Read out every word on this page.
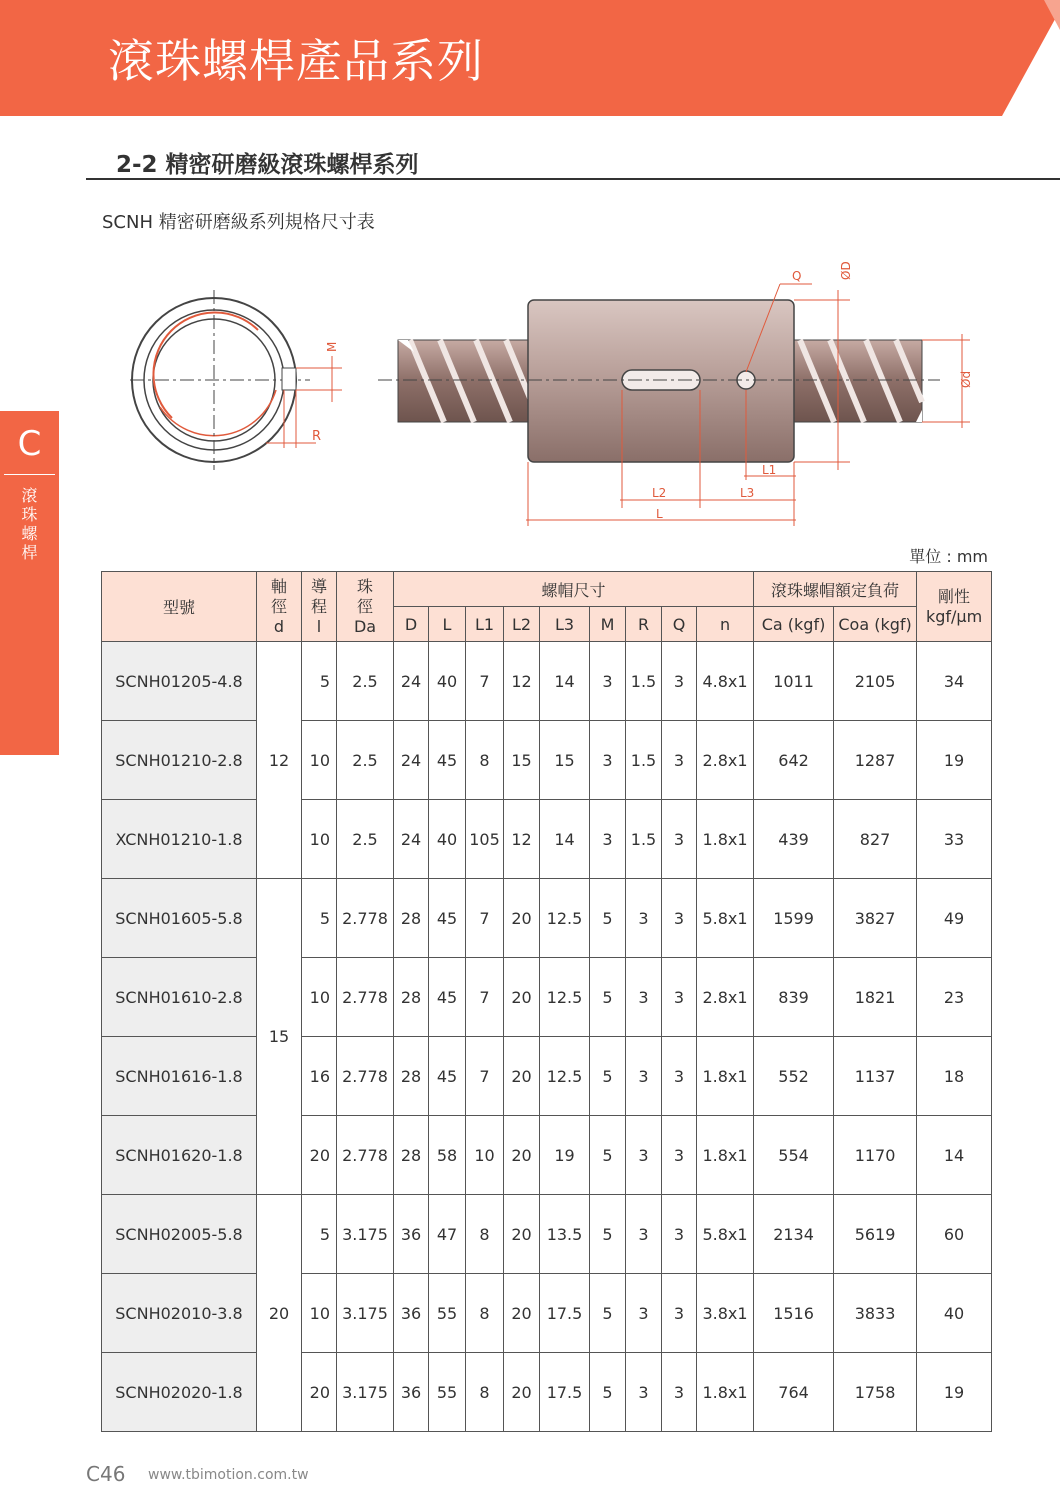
滾珠螺桿產品系列
2-2 精密研磨級滾珠螺桿系列
SCNH 精密研磨級系列規格尺寸表
C
滾
珠
螺
桿
M
R
Q	ØD
Ød
L1
L2	L3
L
單位 : mm
型號	軸
徑
d	導
程
l	珠
徑
Da	螺帽尺寸									滾珠螺帽額定負荷		剛性
kgf/μm

				D	L	L1	L2	L3	M	R	Q	n	Ca (kgf)	Coa (kgf)	
SCNH01205-4.8	12	5	2.5	24	40	7	12	14	3	1.5	3	4.8x1	1011	2105	34
SCNH01210-2.8		10	2.5	24	45	8	15	15	3	1.5	3	2.8x1	642	1287	19
XCNH01210-1.8		10	2.5	24	40	105	12	14	3	1.5	3	1.8x1	439	827	33
SCNH01605-5.8	15	5	2.778	28	45	7	20	12.5	5	3	3	5.8x1	1599	3827	49
SCNH01610-2.8		10	2.778	28	45	7	20	12.5	5	3	3	2.8x1	839	1821	23
SCNH01616-1.8		16	2.778	28	45	7	20	12.5	5	3	3	1.8x1	552	1137	18
SCNH01620-1.8		20	2.778	28	58	10	20	19	5	3	3	1.8x1	554	1170	14
SCNH02005-5.8	20	5	3.175	36	47	8	20	13.5	5	3	3	5.8x1	2134	5619	60
SCNH02010-3.8		10	3.175	36	55	8	20	17.5	5	3	3	3.8x1	1516	3833	40
SCNH02020-1.8		20	3.175	36	55	8	20	17.5	5	3	3	1.8x1	764	1758	19
C46 www.tbimotion.com.tw
